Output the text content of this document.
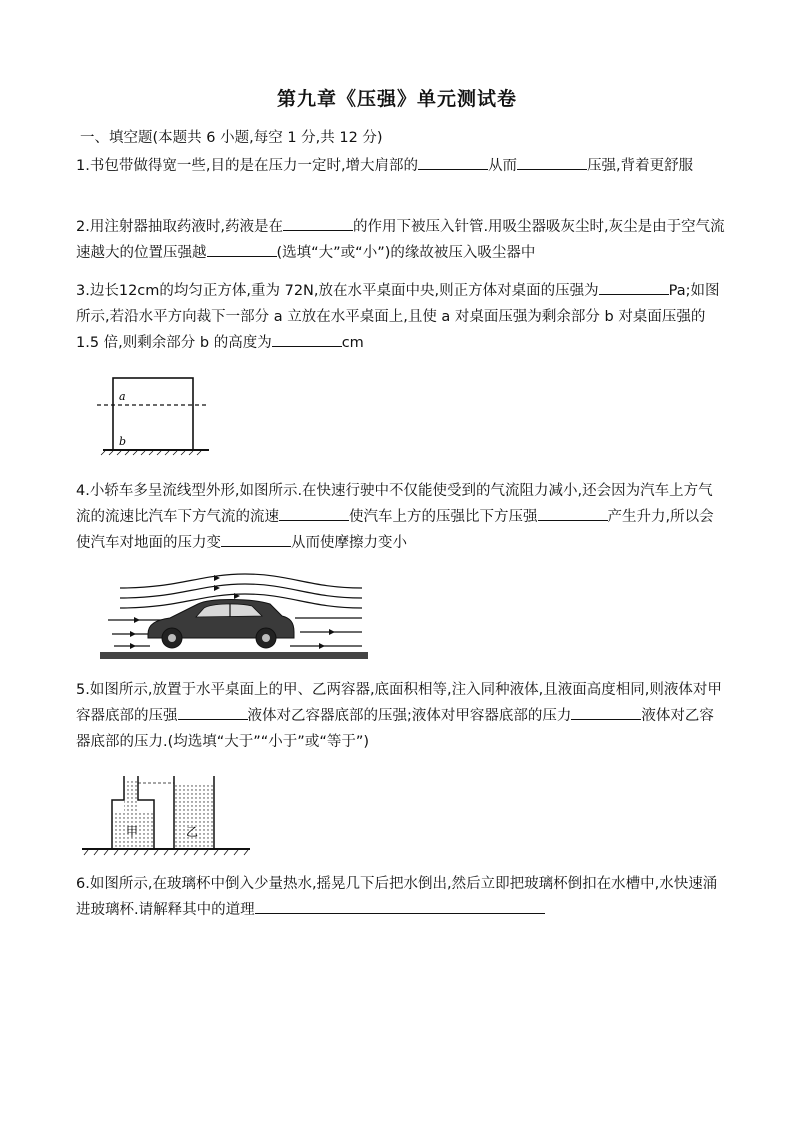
第九章《压强》单元测试卷
一、填空题(本题共 6 小题,每空 1 分,共 12 分)
1.书包带做得宽一些,目的是在压力一定时,增大肩部的	从而	压强,背着更舒服
2.用注射器抽取药液时,药液是在	的作用下被压入针管.用吸尘器吸灰尘时,灰尘是由于空气流速越大的位置压强越	(选填“大”或“小”)的缘故被压入吸尘器中
3.边长12cm的均匀正方体,重为 72N,放在水平桌面中央,则正方体对桌面的压强为	Pa;如图所示,若沿水平方向裁下一部分 a 立放在水平桌面上,且使 a 对桌面压强为剩余部分 b 对桌面压强的 1.5 倍,则剩余部分 b 的高度为	cm
a
b
4.小轿车多呈流线型外形,如图所示.在快速行驶中不仅能使受到的气流阻力减小,还会因为汽车上方气流的流速比汽车下方气流的流速	使汽车上方的压强比下方压强	产生升力,所以会使汽车对地面的压力变	从而使摩擦力变小
5.如图所示,放置于水平桌面上的甲、乙两容器,底面积相等,注入同种液体,且液面高度相同,则液体对甲容器底部的压强	液体对乙容器底部的压强;液体对甲容器底部的压力	液体对乙容器底部的压力.(均选填“大于”“小于”或“等于”)
甲	乙
6.如图所示,在玻璃杯中倒入少量热水,摇晃几下后把水倒出,然后立即把玻璃杯倒扣在水槽中,水快速涌进玻璃杯.请解释其中的道理
